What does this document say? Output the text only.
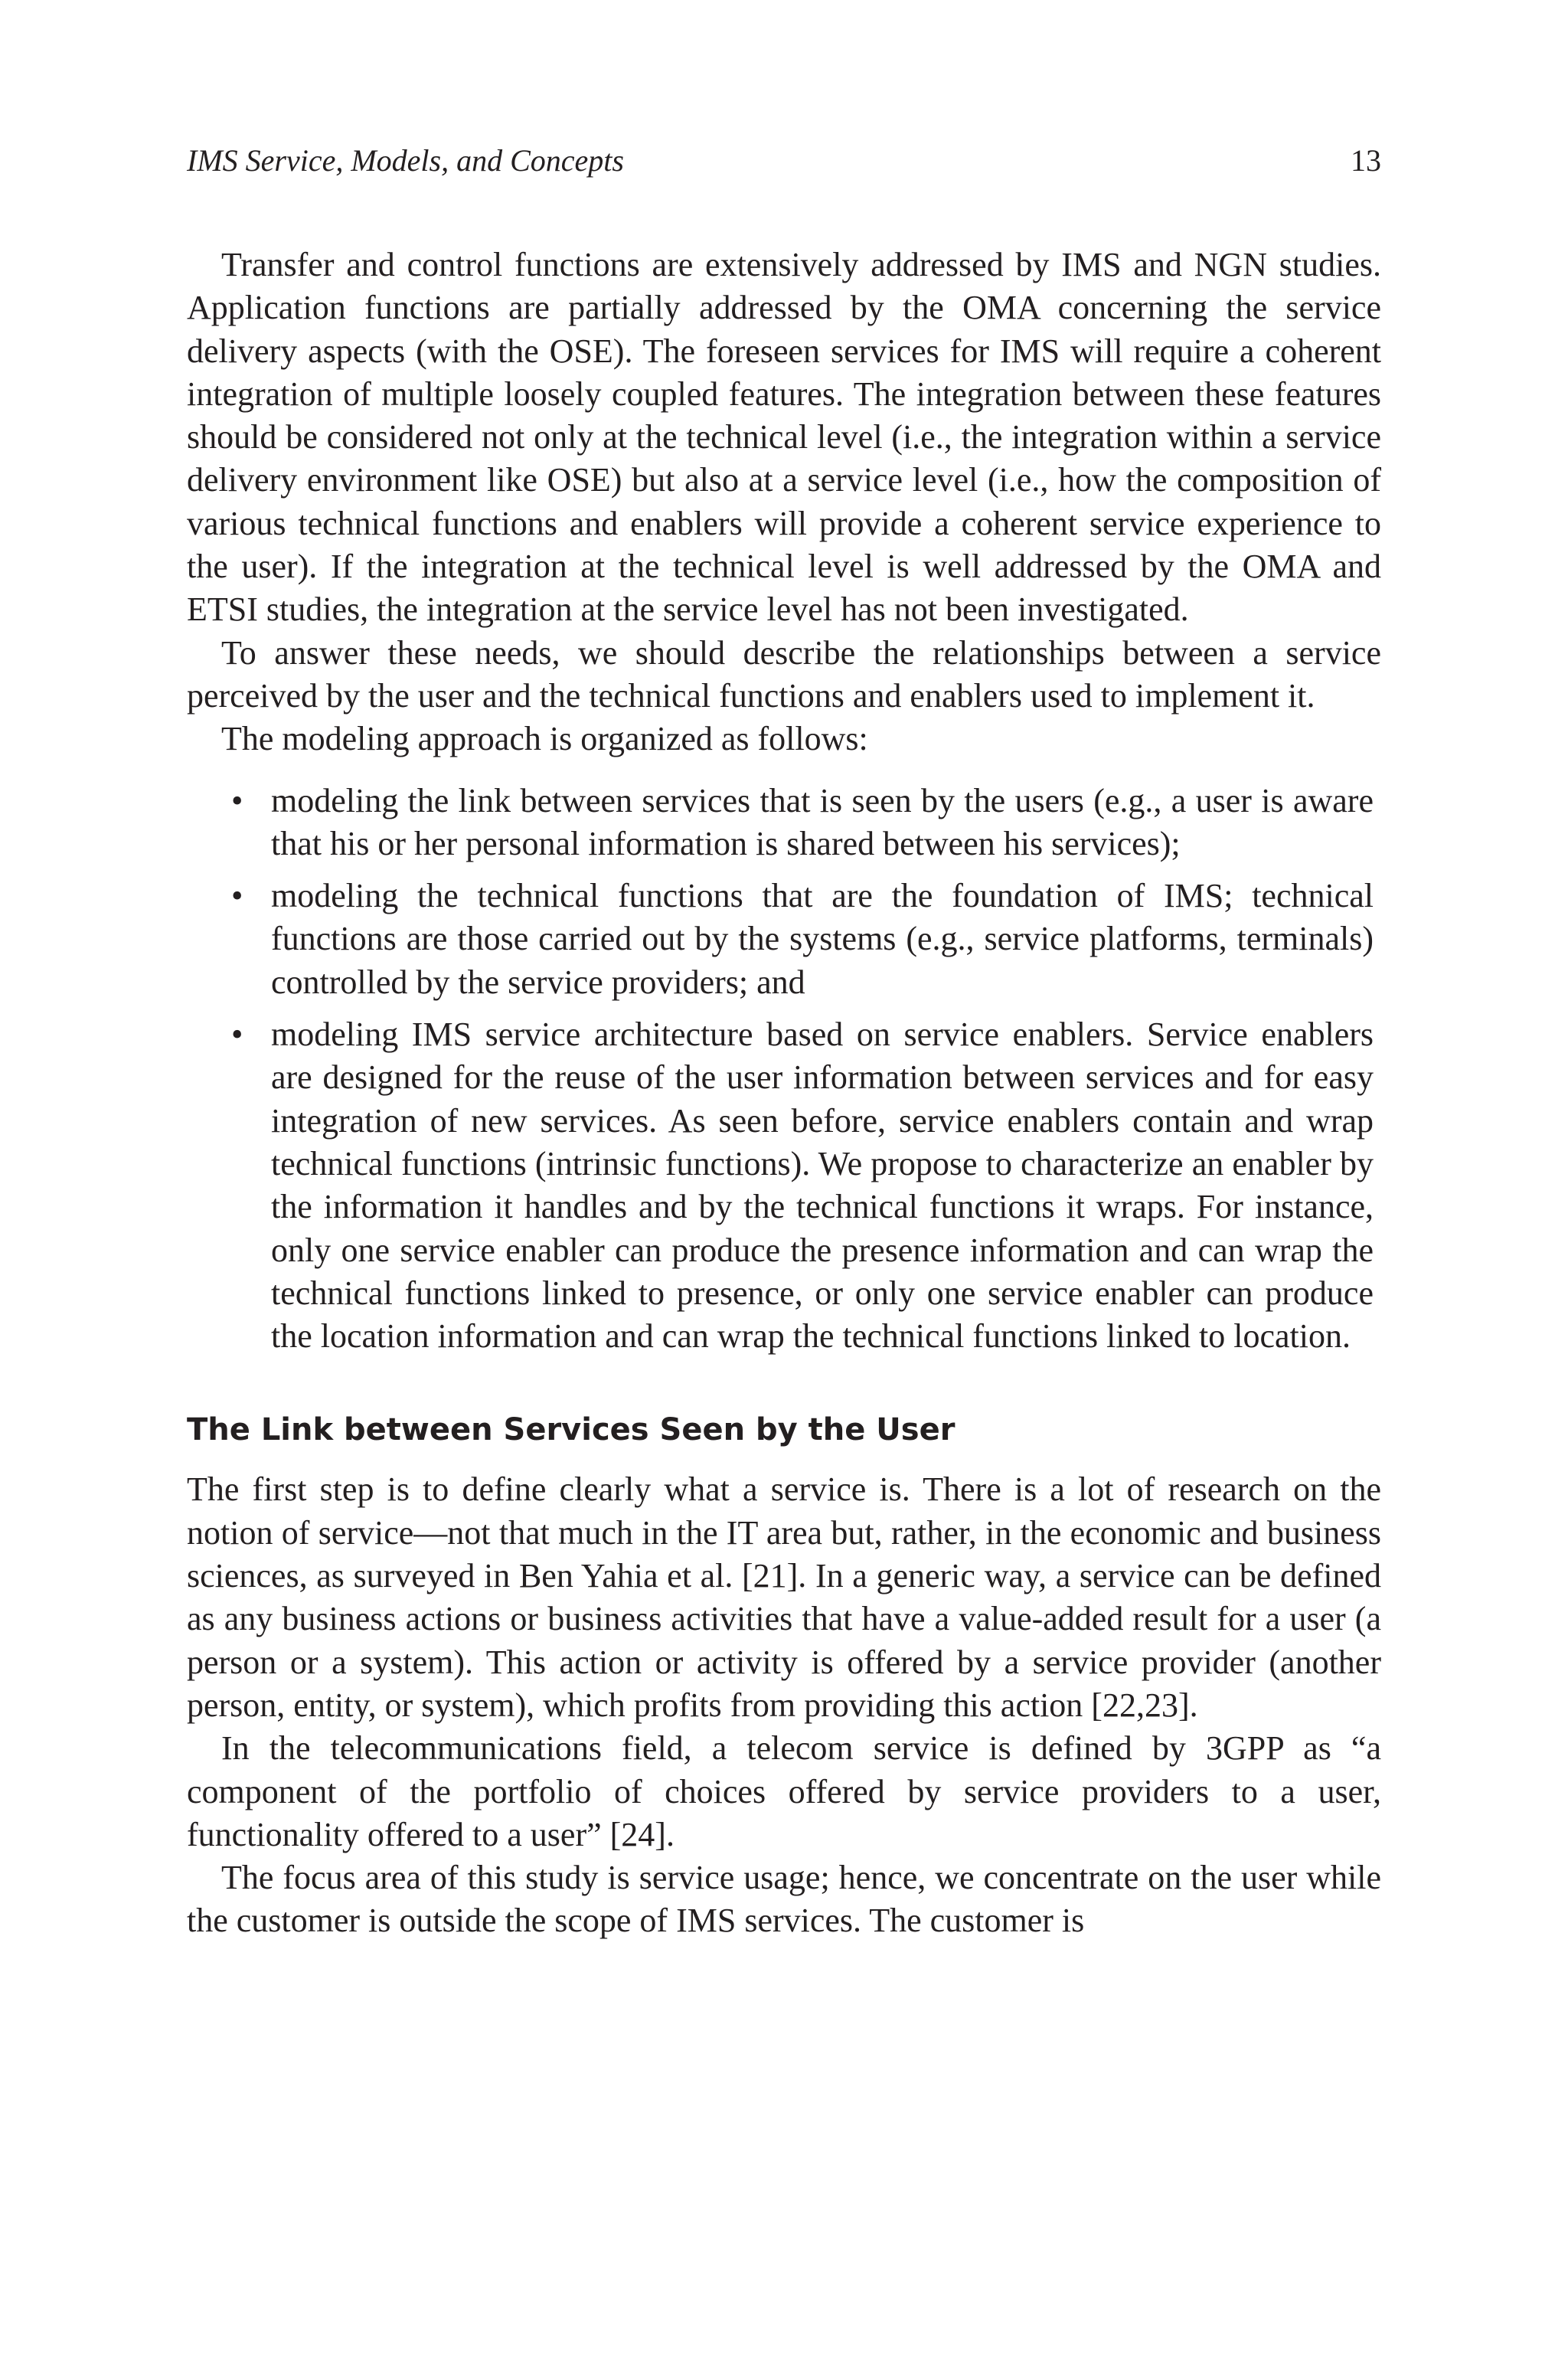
IMS Service, Models, and Concepts	13

Transfer and control functions are extensively addressed by IMS and NGN studies. Application functions are partially addressed by the OMA concerning the service delivery aspects (with the OSE). The foreseen services for IMS will require a coherent integration of multiple loosely coupled features. The integration between these features should be considered not only at the technical level (i.e., the integration within a service delivery environment like OSE) but also at a service level (i.e., how the composition of various technical functions and enablers will provide a coherent service experience to the user). If the integration at the technical level is well addressed by the OMA and ETSI studies, the integration at the service level has not been investigated.

To answer these needs, we should describe the relationships between a service perceived by the user and the technical functions and enablers used to implement it.

The modeling approach is organized as follows:

• modeling the link between services that is seen by the users (e.g., a user is aware that his or her personal information is shared between his services);
• modeling the technical functions that are the foundation of IMS; technical functions are those carried out by the systems (e.g., service platforms, terminals) controlled by the service providers; and
• modeling IMS service architecture based on service enablers. Service enablers are designed for the reuse of the user information between services and for easy integration of new services. As seen before, service enablers contain and wrap technical functions (intrinsic functions). We propose to characterize an enabler by the information it handles and by the technical functions it wraps. For instance, only one service enabler can produce the presence information and can wrap the technical functions linked to presence, or only one service enabler can produce the location information and can wrap the technical functions linked to location.
The Link between Services Seen by the User

The first step is to define clearly what a service is. There is a lot of research on the notion of service—not that much in the IT area but, rather, in the economic and business sciences, as surveyed in Ben Yahia et al. [21]. In a generic way, a service can be defined as any business actions or business activities that have a value-added result for a user (a person or a system). This action or activity is offered by a service provider (another person, entity, or system), which profits from providing this action [22,23].

In the telecommunications field, a telecom service is defined by 3GPP as “a component of the portfolio of choices offered by service providers to a user, functionality offered to a user” [24].

The focus area of this study is service usage; hence, we concentrate on the user while the customer is outside the scope of IMS services. The customer is
